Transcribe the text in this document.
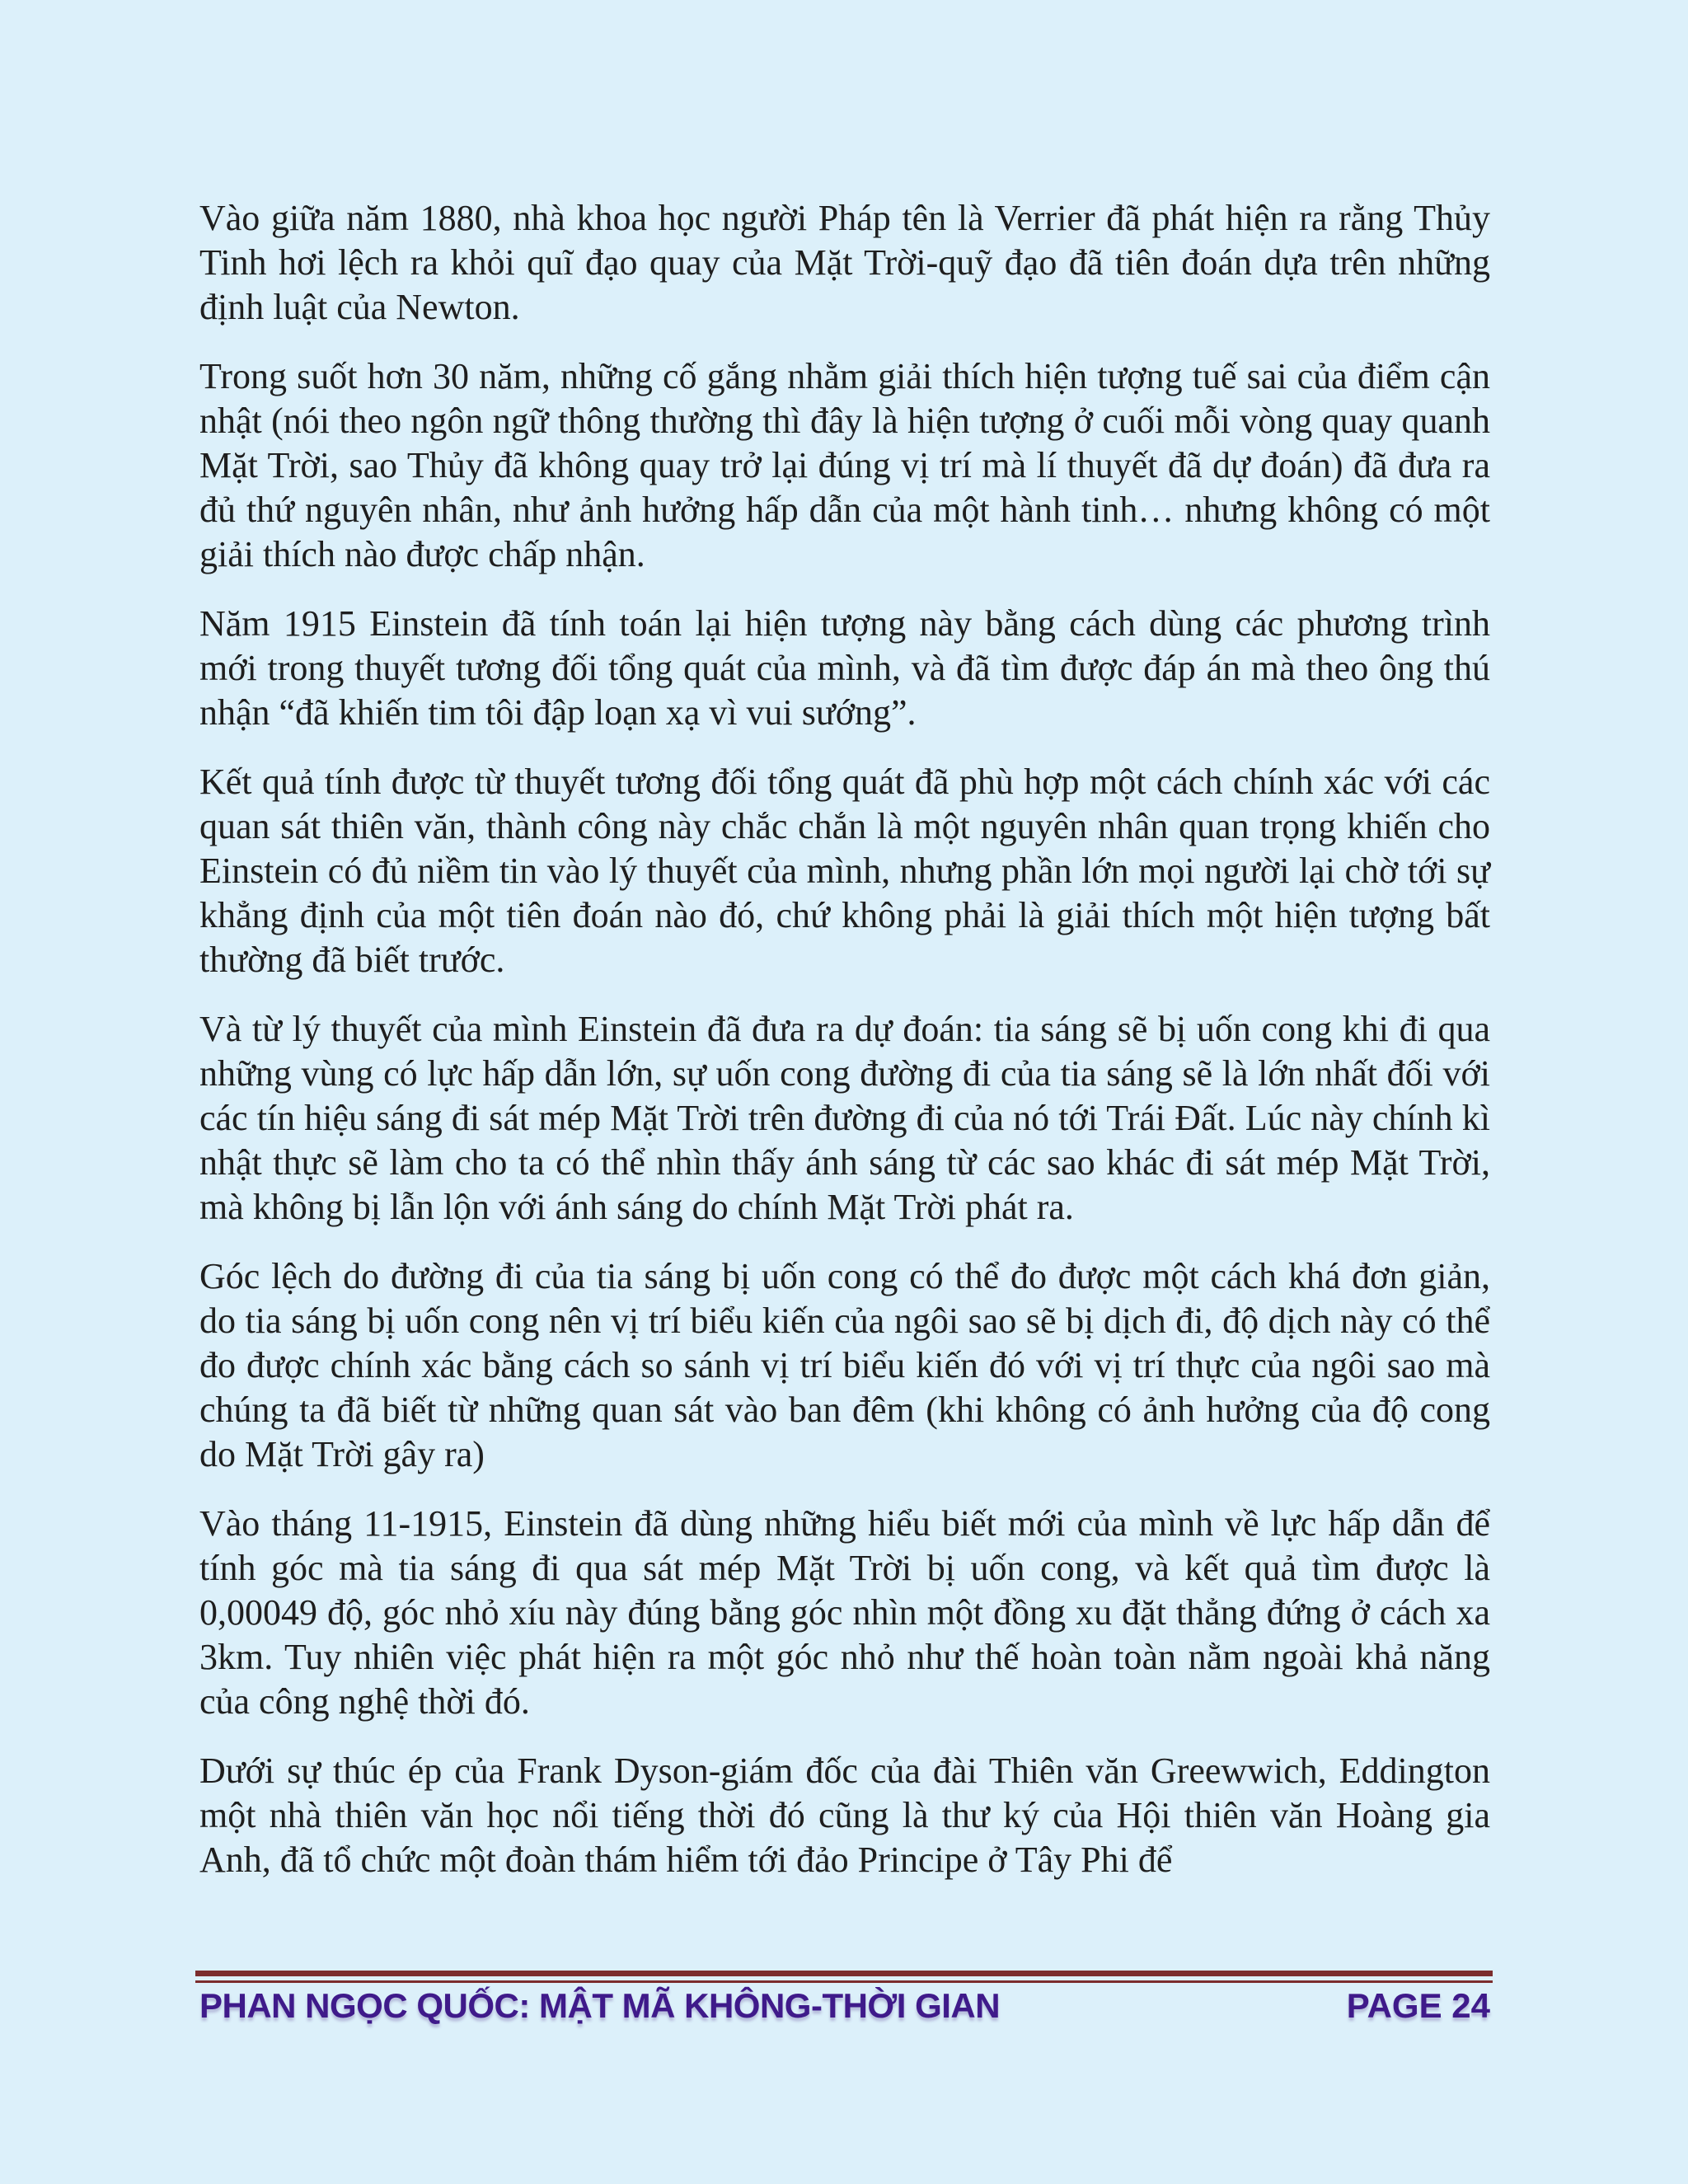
Vào giữa năm 1880, nhà khoa học người Pháp tên là Verrier đã phát hiện ra rằng Thủy Tinh hơi lệch ra khỏi quĩ đạo quay của Mặt Trời-quỹ đạo đã tiên đoán dựa trên những định luật của Newton.

Trong suốt hơn 30 năm, những cố gắng nhằm giải thích hiện tượng tuế sai của điểm cận nhật (nói theo ngôn ngữ thông thường thì đây là hiện tượng ở cuối mỗi vòng quay quanh Mặt Trời, sao Thủy đã không quay trở lại đúng vị trí mà lí thuyết đã dự đoán) đã đưa ra đủ thứ nguyên nhân, như ảnh hưởng hấp dẫn của một hành tinh… nhưng không có một giải thích nào được chấp nhận.

Năm 1915 Einstein đã tính toán lại hiện tượng này bằng cách dùng các phương trình mới trong thuyết tương đối tổng quát của mình, và đã tìm được đáp án mà theo ông thú nhận “đã khiến tim tôi đập loạn xạ vì vui sướng”.

Kết quả tính được từ thuyết tương đối tổng quát đã phù hợp một cách chính xác với các quan sát thiên văn, thành công này chắc chắn là một nguyên nhân quan trọng khiến cho Einstein có đủ niềm tin vào lý thuyết của mình, nhưng phần lớn mọi người lại chờ tới sự khẳng định của một tiên đoán nào đó, chứ không phải là giải thích một hiện tượng bất thường đã biết trước.

Và từ lý thuyết của mình Einstein đã đưa ra dự đoán: tia sáng sẽ bị uốn cong khi đi qua những vùng có lực hấp dẫn lớn, sự uốn cong đường đi của tia sáng sẽ là lớn nhất đối với các tín hiệu sáng đi sát mép Mặt Trời trên đường đi của nó tới Trái Đất. Lúc này chính kì nhật thực sẽ làm cho ta có thể nhìn thấy ánh sáng từ các sao khác đi sát mép Mặt Trời, mà không bị lẫn lộn với ánh sáng do chính Mặt Trời phát ra.

Góc lệch do đường đi của tia sáng bị uốn cong có thể đo được một cách khá đơn giản, do tia sáng bị uốn cong nên vị trí biểu kiến của ngôi sao sẽ bị dịch đi, độ dịch này có thể đo được chính xác bằng cách so sánh vị trí biểu kiến đó với vị trí thực của ngôi sao mà chúng ta đã biết từ những quan sát vào ban đêm (khi không có ảnh hưởng của độ cong do Mặt Trời gây ra)

Vào tháng 11-1915, Einstein đã dùng những hiểu biết mới của mình về lực hấp dẫn để tính góc mà tia sáng đi qua sát mép Mặt Trời bị uốn cong, và kết quả tìm được là 0,00049 độ, góc nhỏ xíu này đúng bằng góc nhìn một đồng xu đặt thẳng đứng ở cách xa 3km. Tuy nhiên việc phát hiện ra một góc nhỏ như thế hoàn toàn nằm ngoài khả năng của công nghệ thời đó.

Dưới sự thúc ép của Frank Dyson-giám đốc của đài Thiên văn Greewwich, Eddington một nhà thiên văn học nổi tiếng thời đó cũng là thư ký của Hội thiên văn Hoàng gia Anh, đã tổ chức một đoàn thám hiểm tới đảo Principe ở Tây Phi để

PHAN NGỌC QUỐC: MẬT MÃ KHÔNG-THỜI GIAN	PAGE 24
